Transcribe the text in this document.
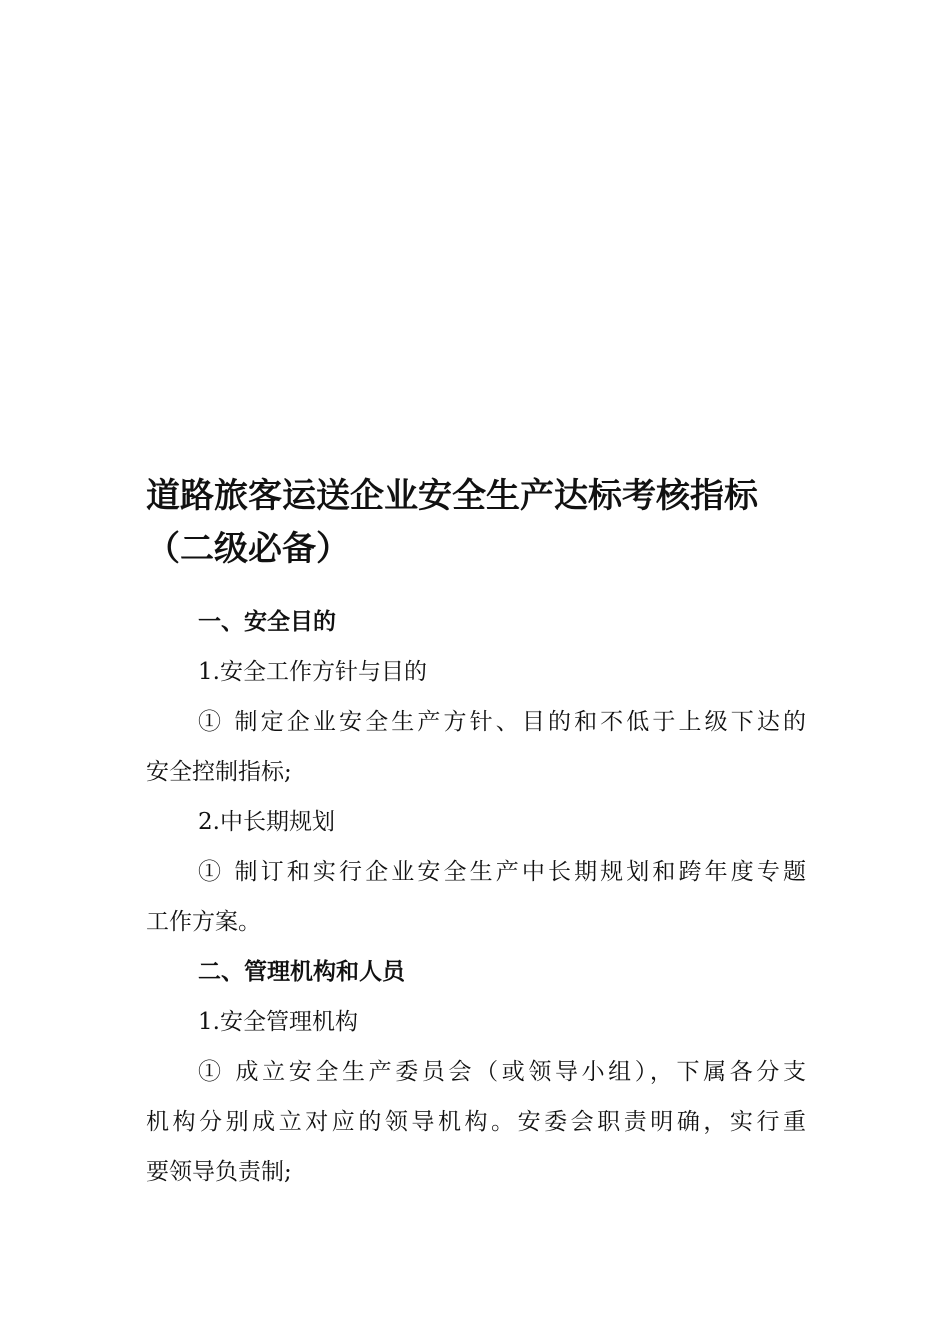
道路旅客运送企业安全生产达标考核指标
（二级必备）
一、安全目的
1.安全工作方针与目的
① 制定企业安全生产方针、目的和不低于上级下达的
安全控制指标;
2.中长期规划
① 制订和实行企业安全生产中长期规划和跨年度专题
工作方案。
二、管理机构和人员
1.安全管理机构
① 成立安全生产委员会（或领导小组），下属各分支
机构分别成立对应的领导机构。安委会职责明确，实行重
要领导负责制;
